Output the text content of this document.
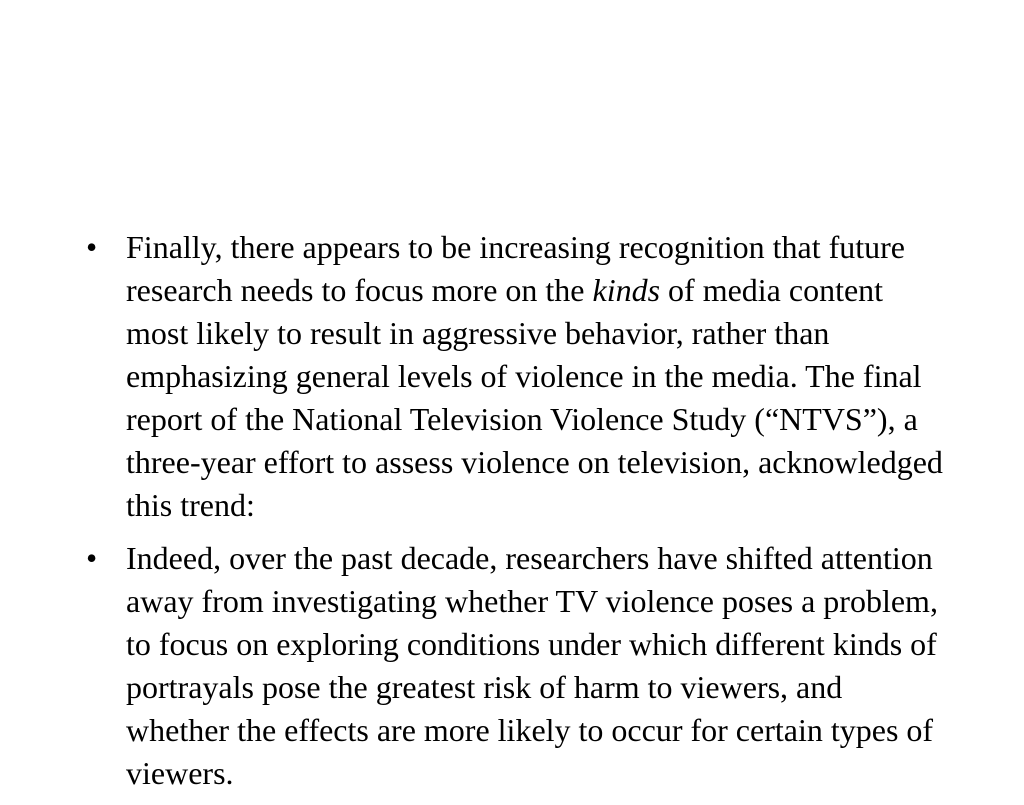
• Finally, there appears to be increasing recognition that future research needs to focus more on the kinds of media content most likely to result in aggressive behavior, rather than emphasizing general levels of violence in the media. The final report of the National Television Violence Study (“NTVS”), a three-year effort to assess violence on television, acknowledged this trend:
• Indeed, over the past decade, researchers have shifted attention away from investigating whether TV violence poses a problem, to focus on exploring conditions under which different kinds of portrayals pose the greatest risk of harm to viewers, and whether the effects are more likely to occur for certain types of viewers.
